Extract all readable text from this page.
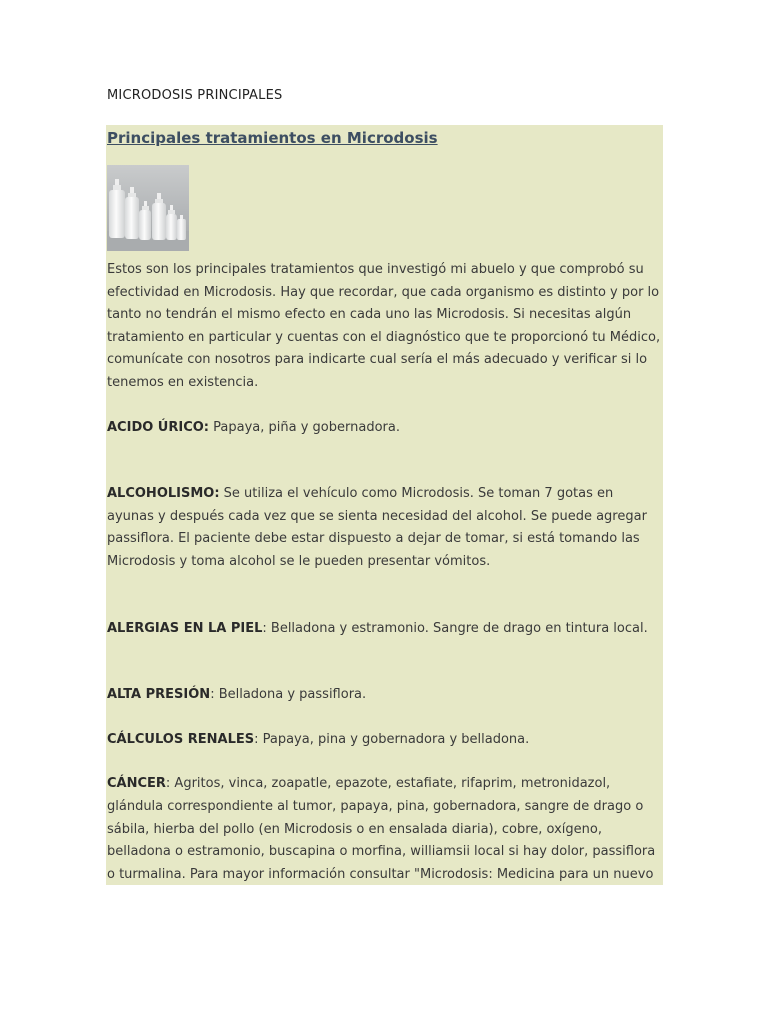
MICRODOSIS PRINCIPALES
Principales tratamientos en Microdosis

Estos son los principales tratamientos que investigó mi abuelo y que comprobó su efectividad en Microdosis. Hay que recordar, que cada organismo es distinto y por lo tanto no tendrán el mismo efecto en cada uno las Microdosis. Si necesitas algún tratamiento en particular y cuentas con el diagnóstico que te proporcionó tu Médico, comunícate con nosotros para indicarte cual sería el más adecuado y verificar si lo tenemos en existencia.

ACIDO ÚRICO: Papaya, piña y gobernadora.

ALCOHOLISMO: Se utiliza el vehículo como Microdosis. Se toman 7 gotas en ayunas y después cada vez que se sienta necesidad del alcohol. Se puede agregar passiflora. El paciente debe estar dispuesto a dejar de tomar, si está tomando las Microdosis y toma alcohol se le pueden presentar vómitos.

ALERGIAS EN LA PIEL: Belladona y estramonio. Sangre de drago en tintura local.

ALTA PRESIÓN: Belladona y passiflora.

CÁLCULOS RENALES: Papaya, pina y gobernadora y belladona.

CÁNCER: Agritos, vinca, zoapatle, epazote, estafiate, rifaprim, metronidazol, glándula correspondiente al tumor, papaya, pina, gobernadora, sangre de drago o sábila, hierba del pollo (en Microdosis o en ensalada diaria), cobre, oxígeno, belladona o estramonio, buscapina o morfina, williamsii local si hay dolor, passiflora o turmalina. Para mayor información consultar "Microdosis: Medicina para un nuevo
